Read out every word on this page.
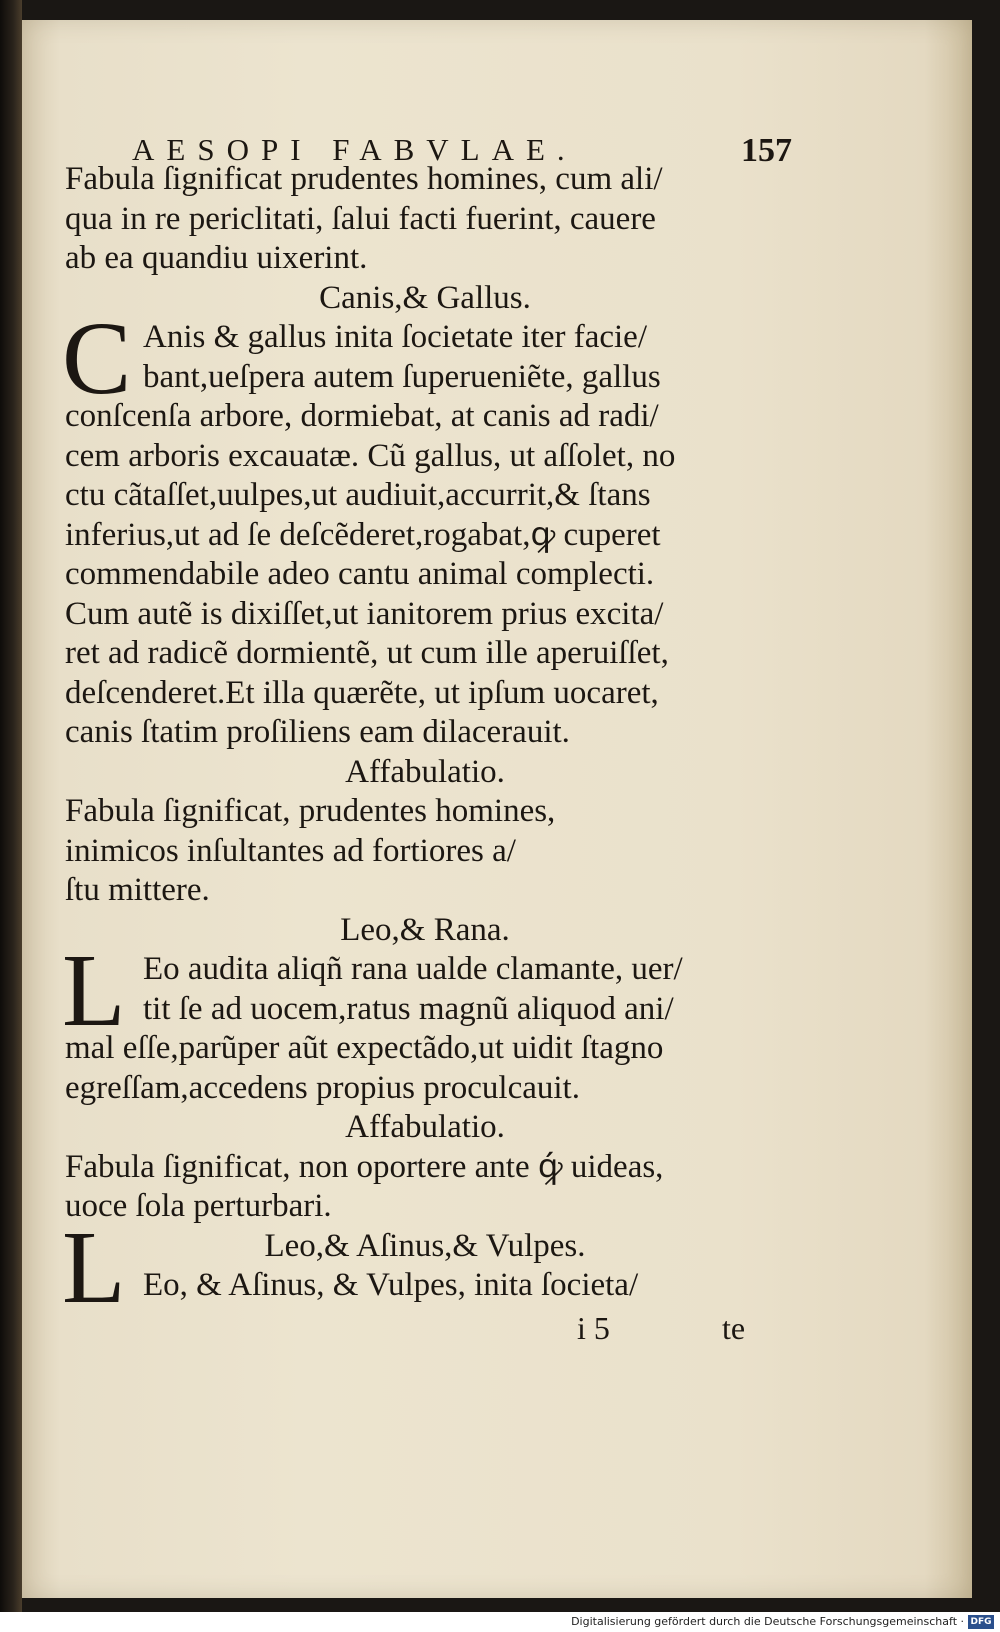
AESOPI FABVLAE.	157
Fabula ſignificat prudentes homines, cum ali/
qua in re periclitati, ſalui facti fuerint, cauere
ab ea quandiu uixerint.
Canis,& Gallus.
C Anis & gallus inita ſocietate iter facie/
bant,ueſpera autem ſuperueniẽte, gallus
conſcenſa arbore, dormiebat, at canis ad radi/
cem arboris excauatæ. Cũ gallus, ut aſſolet, no
ctu cãtaſſet,uulpes,ut audiuit,accurrit,& ſtans
inferius,ut ad ſe deſcẽderet,rogabat,ꝙ cuperet
commendabile adeo cantu animal complecti.
Cum autẽ is dixiſſet,ut ianitorem prius excita/
ret ad radicẽ dormientẽ, ut cum ille aperuiſſet,
deſcenderet.Et illa quærẽte, ut ipſum uocaret,
canis ſtatim proſiliens eam dilacerauit.
Affabulatio.
Fabula ſignificat, prudentes homines,
inimicos inſultantes ad fortiores a/
ſtu mittere.
Leo,& Rana.
L Eo audita aliqñ rana ualde clamante, uer/
tit ſe ad uocem,ratus magnũ aliquod ani/
mal eſſe,parũper aũt expectãdo,ut uidit ſtagno
egreſſam,accedens propius proculcauit.
Affabulatio.
Fabula ſignificat, non oportere ante ꝙ́ uideas,
uoce ſola perturbari.
L	Leo,& Aſinus,& Vulpes.
Eo, & Aſinus, & Vulpes, inita ſocieta/
i 5	te
Digitalisierung gefördert durch die Deutsche Forschungsgemeinschaft · DFG
